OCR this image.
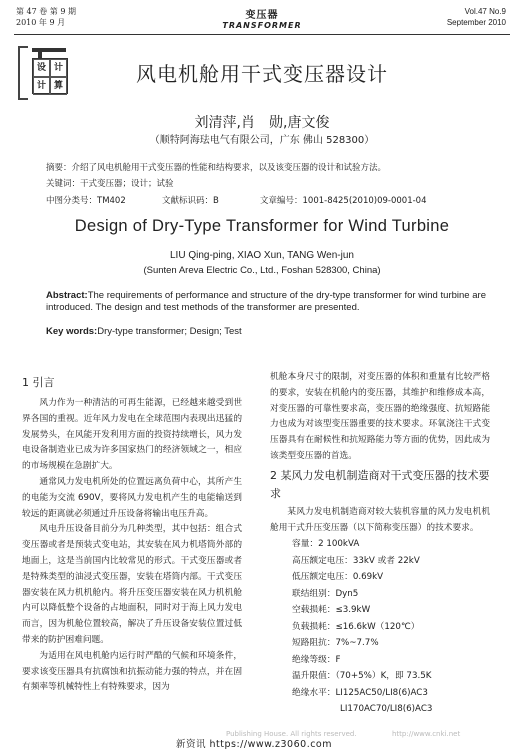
第 47 卷 第 9 期
2010 年 9 月
变压器
TRANSFORMER
Vol.47 No.9
September 2010
设 计
计 算	风电机舱用干式变压器设计
刘清萍,肖　勋,唐文俊
（顺特阿海珐电气有限公司，广东 佛山 528300）
摘要：介绍了风电机舱用干式变压器的性能和结构要求，以及该变压器的设计和试验方法。
关键词：干式变压器；设计；试验
中图分类号：TM402	文献标识码：B	文章编号：1001-8425(2010)09-0001-04
Design of Dry-Type Transformer for Wind Turbine
LIU Qing-ping, XIAO Xun, TANG Wen-jun
(Sunten Areva Electric Co., Ltd., Foshan 528300, China)
Abstract:The requirements of performance and structure of the dry-type transformer for wind turbine are introduced. The design and test methods of the transformer are presented.
Key words:Dry-type transformer; Design; Test
1 引言

风力作为一种清洁的可再生能源，已经越来越受到世界各国的重视。近年风力发电在全球范围内表现出迅猛的发展势头，在风能开发利用方面的投资持续增长，风力发电设备制造业已成为许多国家热门的经济领域之一，相应的市场规模在急剧扩大。

通常风力发电机所处的位置远离负荷中心，其所产生的电能为交流 690V，要将风力发电机产生的电能输送到较远的距离就必须通过升压设备将输出电压升高。

风电升压设备目前分为几种类型，其中包括：组合式变压器或者是预装式变电站，其安装在风力机塔筒外部的地面上，这是当前国内比较常见的形式。干式变压器或者是特殊类型的油浸式变压器，安装在塔筒内部。干式变压器安装在风力机机舱内。将升压变压器安装在风力机机舱内可以降低整个设备的占地面积，同时对于海上风力发电而言，因为机舱位置较高，解决了升压设备安装位置过低带来的防护困难问题。

为适用在风电机舱内运行时严酷的气候和环境条件，要求该变压器具有抗腐蚀和抗振动能力强的特点，并在固有频率等机械特性上有特殊要求，因为

机舱本身尺寸的限制，对变压器的体积和重量有比较严格的要求，安装在机舱内的变压器，其维护和维修成本高，对变压器的可靠性要求高，变压器的绝缘强度、抗短路能力也成为对该型变压器重要的技术要求。环氧浇注干式变压器具有在耐候性和抗短路能力等方面的优势，因此成为该类型变压器的首选。

2 某风力发电机制造商对干式变压器的技术要求

某风力发电机制造商对较大装机容量的风力发电机机舱用干式升压变压器（以下简称变压器）的技术要求。

容量：2 100kVA
高压额定电压：33kV 或者 22kV
低压额定电压：0.69kV
联结组别：Dyn5
空载损耗：≤3.9kW
负载损耗：≤16.6kW（120℃）
短路阻抗：7%~7.7%
绝缘等级：F
温升限值：（70+5%）K，即 73.5K
绝缘水平：LI125AC50/LI8(6)AC3
LI170AC70/LI8(6)AC3
Publishing House. All rights reserved.	http://www.cnki.net
新资讯 https://www.z3060.com
